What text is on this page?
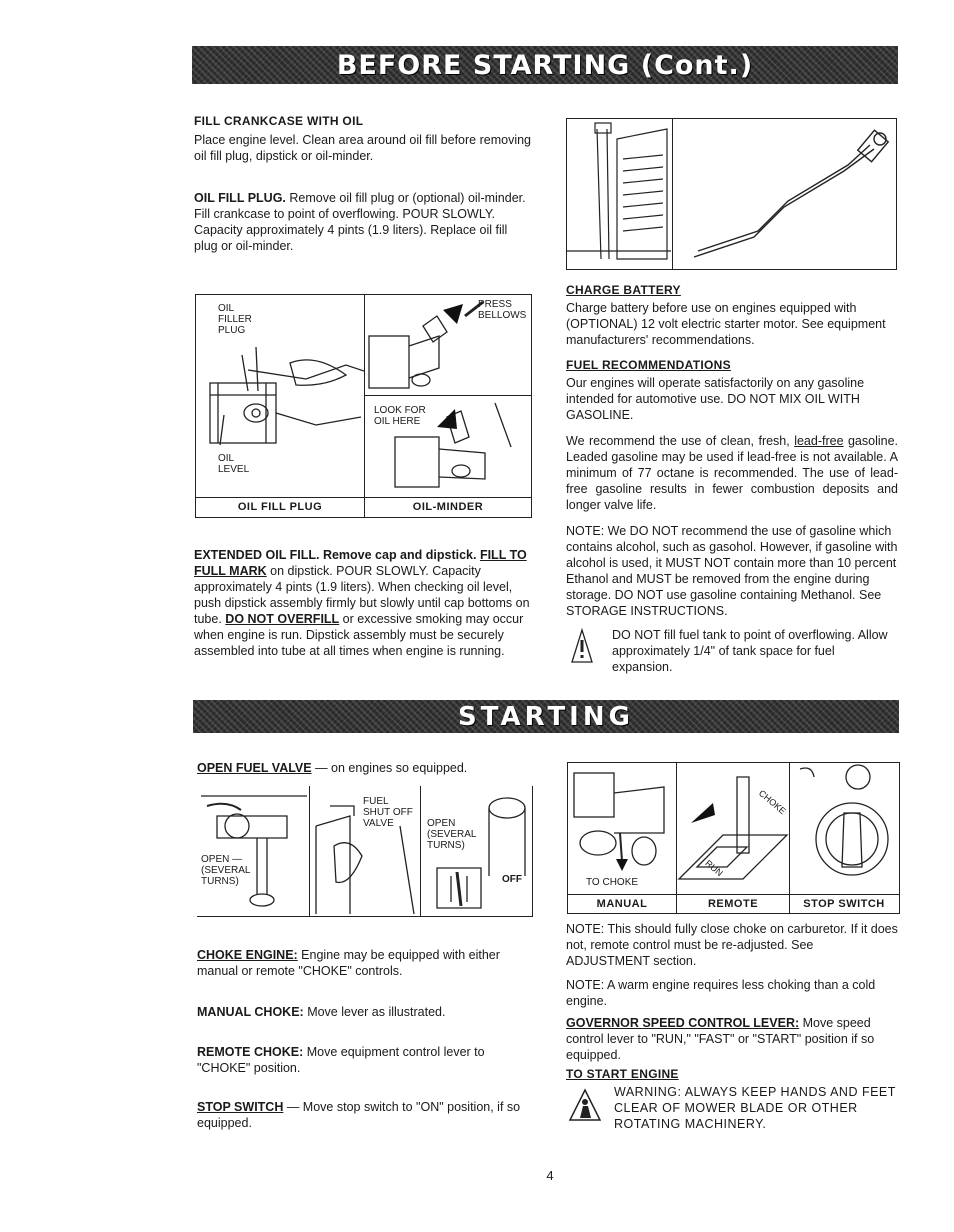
BEFORE STARTING (Cont.)
FILL CRANKCASE WITH OIL

Place engine level. Clean area around oil fill before removing oil fill plug, dipstick or oil-minder.

OIL FILL PLUG. Remove oil fill plug or (optional) oil-minder. Fill crankcase to point of overflowing. POUR SLOWLY. Capacity approximately 4 pints (1.9 liters). Replace oil fill plug or oil-minder.

OIL
FILLER
PLUG
OIL
LEVEL
PRESS
BELLOWS
LOOK FOR
OIL HERE
OIL FILL PLUG	OIL-MINDER

EXTENDED OIL FILL. Remove cap and dipstick. FILL TO FULL MARK on dipstick. POUR SLOWLY. Capacity approximately 4 pints (1.9 liters). When checking oil level, push dipstick assembly firmly but slowly until cap bottoms on tube. DO NOT OVERFILL or excessive smoking may occur when engine is run. Dipstick assembly must be securely assembled into tube at all times when engine is running.

CHARGE BATTERY

Charge battery before use on engines equipped with (OPTIONAL) 12 volt electric starter motor. See equipment manufacturers' recommendations.

FUEL RECOMMENDATIONS

Our engines will operate satisfactorily on any gasoline intended for automotive use. DO NOT MIX OIL WITH GASOLINE.

We recommend the use of clean, fresh, lead-free gasoline. Leaded gasoline may be used if lead-free is not available. A minimum of 77 octane is recommended. The use of lead-free gasoline results in fewer combustion deposits and longer valve life.

NOTE: We DO NOT recommend the use of gasoline which contains alcohol, such as gasohol. However, if gasoline with alcohol is used, it MUST NOT contain more than 10 percent Ethanol and MUST be removed from the engine during storage. DO NOT use gasoline containing Methanol. See STORAGE INSTRUCTIONS.

DO NOT fill fuel tank to point of overflowing. Allow approximately 1/4" of tank space for fuel expansion.

STARTING

OPEN FUEL VALVE — on engines so equipped.

OPEN —
(SEVERAL
TURNS)
FUEL
SHUT OFF
VALVE	OPEN
(SEVERAL
TURNS)
OFF

CHOKE ENGINE: Engine may be equipped with either manual or remote "CHOKE" controls.

MANUAL CHOKE: Move lever as illustrated.

REMOTE CHOKE: Move equipment control lever to "CHOKE" position.

STOP SWITCH — Move stop switch to "ON" position, if so equipped.

TO CHOKE
CHOKE
RUN
MANUAL	REMOTE	STOP SWITCH

NOTE: This should fully close choke on carburetor. If it does not, remote control must be re-adjusted. See ADJUSTMENT section.

NOTE: A warm engine requires less choking than a cold engine.

GOVERNOR SPEED CONTROL LEVER: Move speed control lever to "RUN," "FAST" or "START" position if so equipped.

TO START ENGINE

WARNING: ALWAYS KEEP HANDS AND FEET CLEAR OF MOWER BLADE OR OTHER ROTATING MACHINERY.

4
